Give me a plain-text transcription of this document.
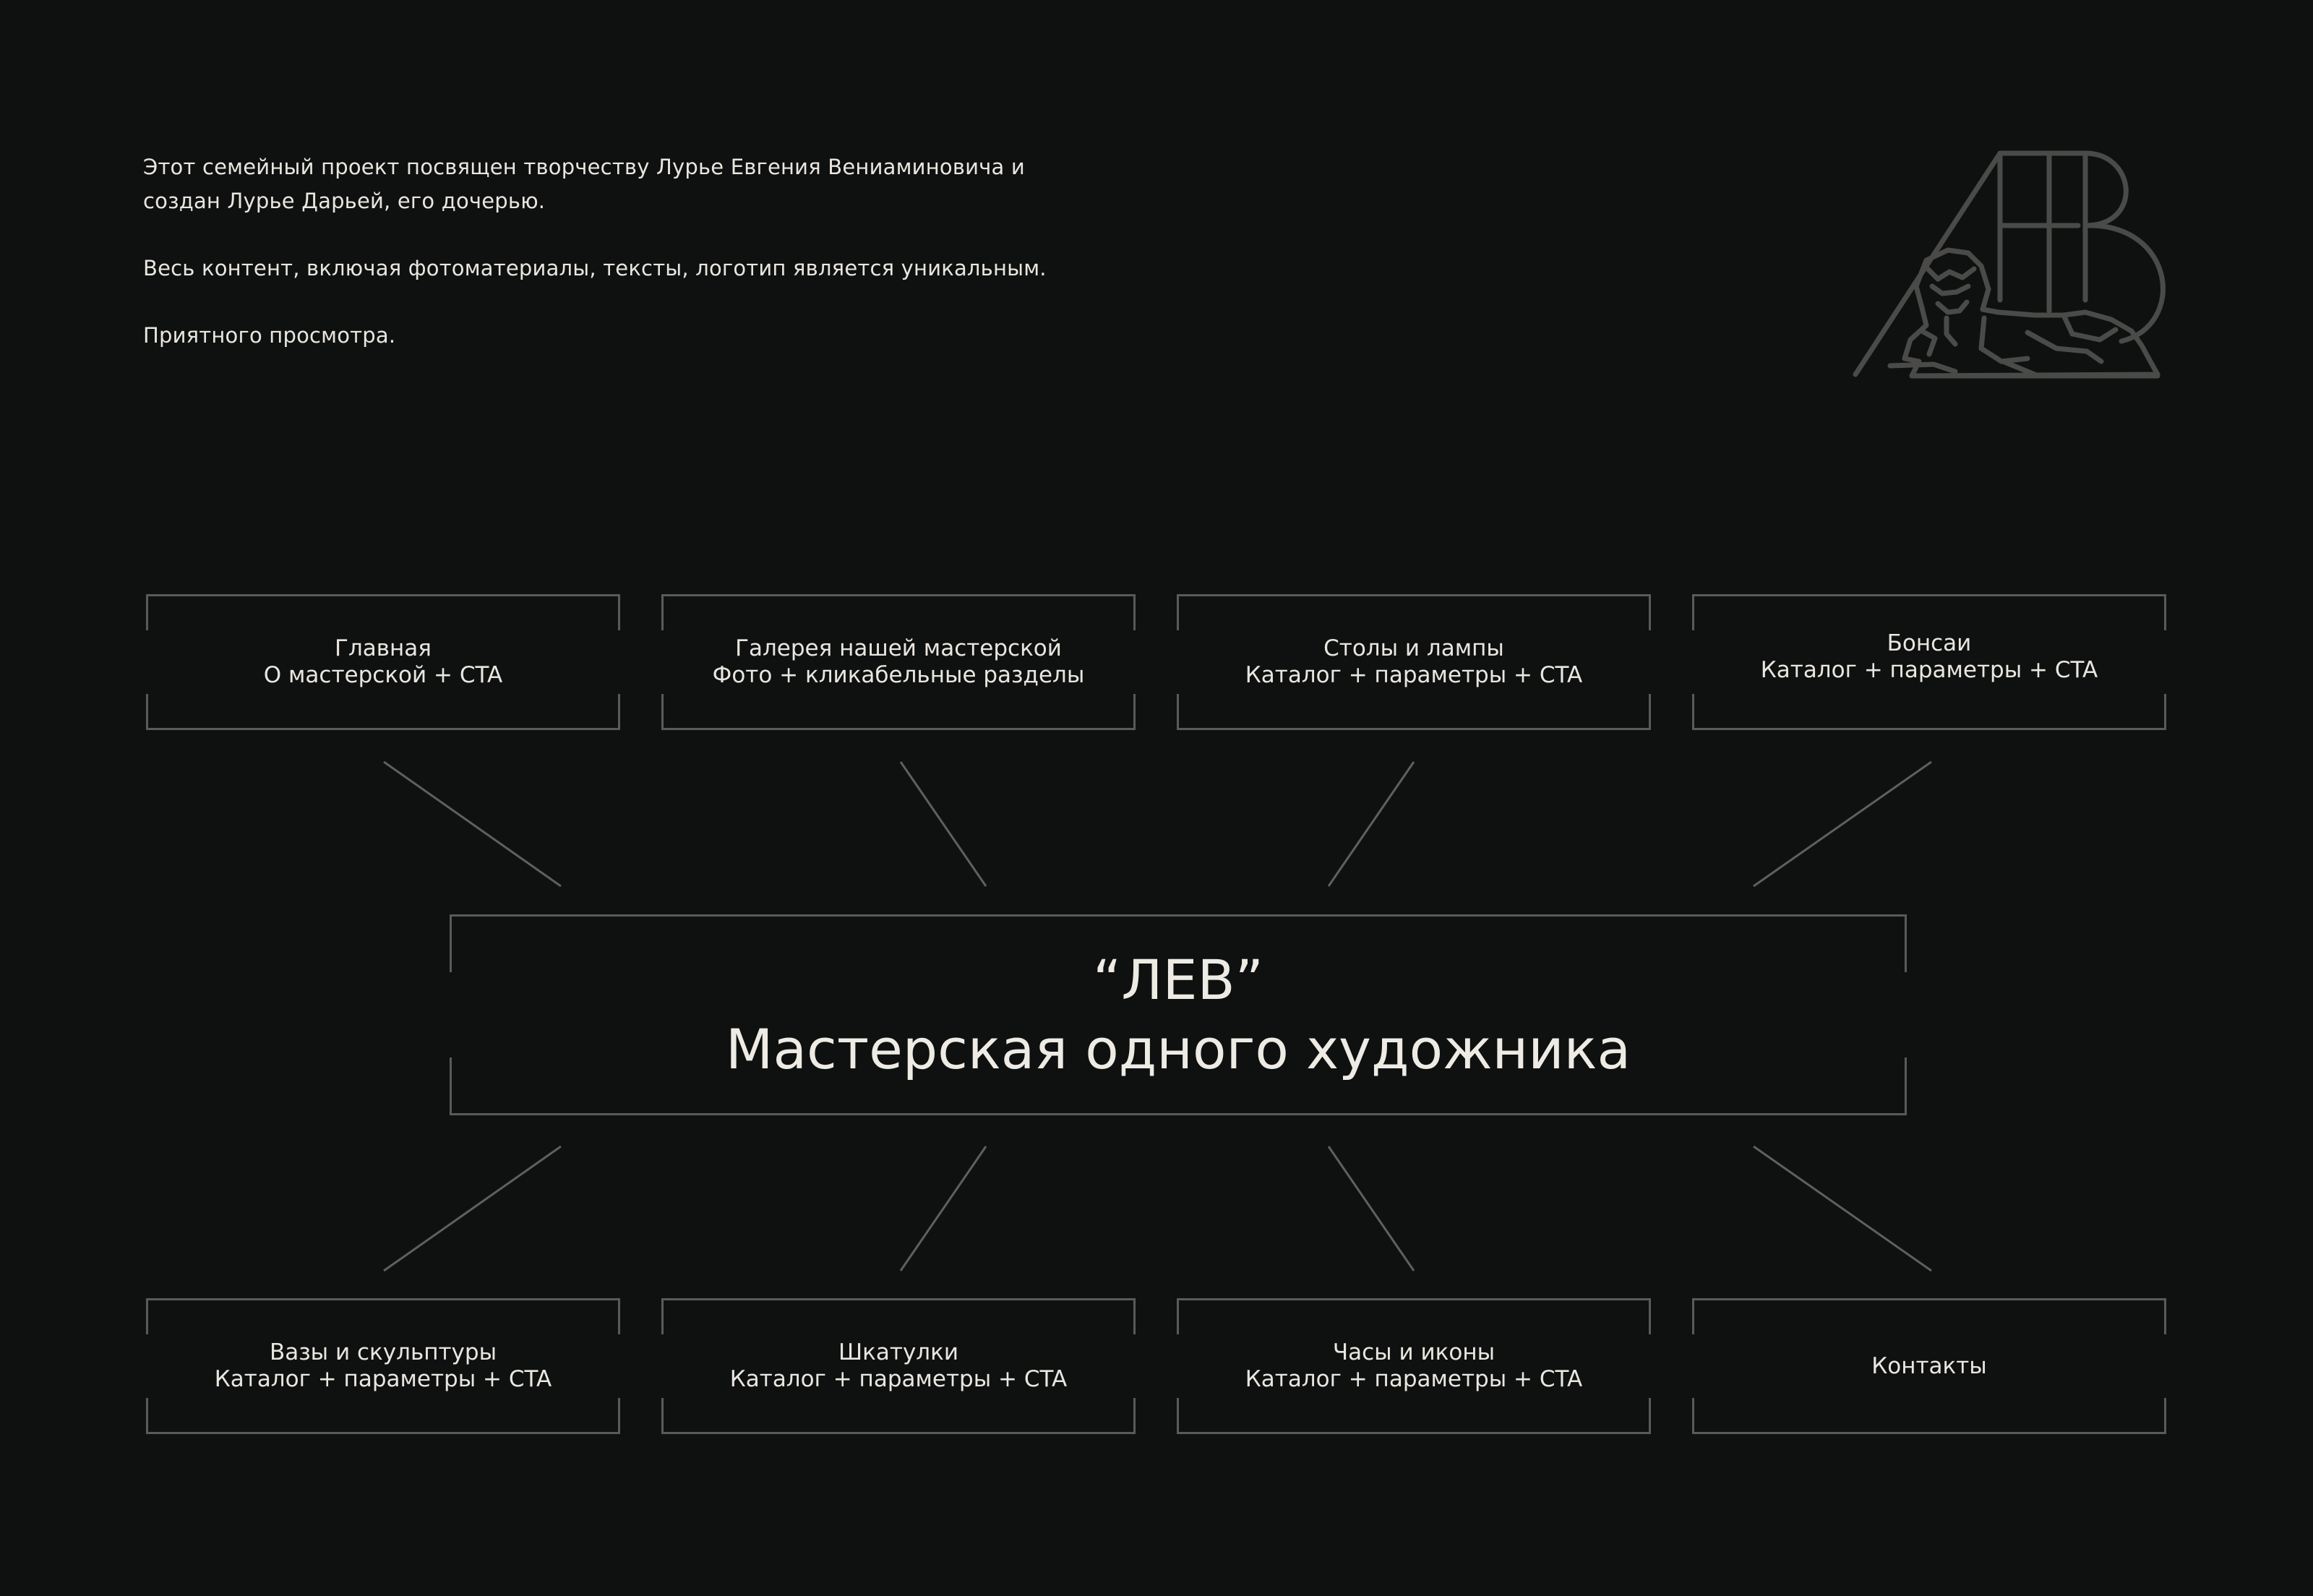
Этот семейный проект посвящен творчеству Лурье Евгения Вениаминовича и
создан Лурье Дарьей, его дочерью.

Весь контент, включая фотоматериалы, тексты, логотип является уникальным.

Приятного просмотра.

Главная
О мастерской + CTA
Галерея нашей мастерской
Фото + кликабельные разделы
Столы и лампы
Каталог + параметры + CTA
Бонсаи
Каталог + параметры + CTA
“ЛЕВ”
Мастерская одного художника
Вазы и скульптуры
Каталог + параметры + CTA
Шкатулки
Каталог + параметры + CTA
Часы и иконы
Каталог + параметры + CTA
Контакты
